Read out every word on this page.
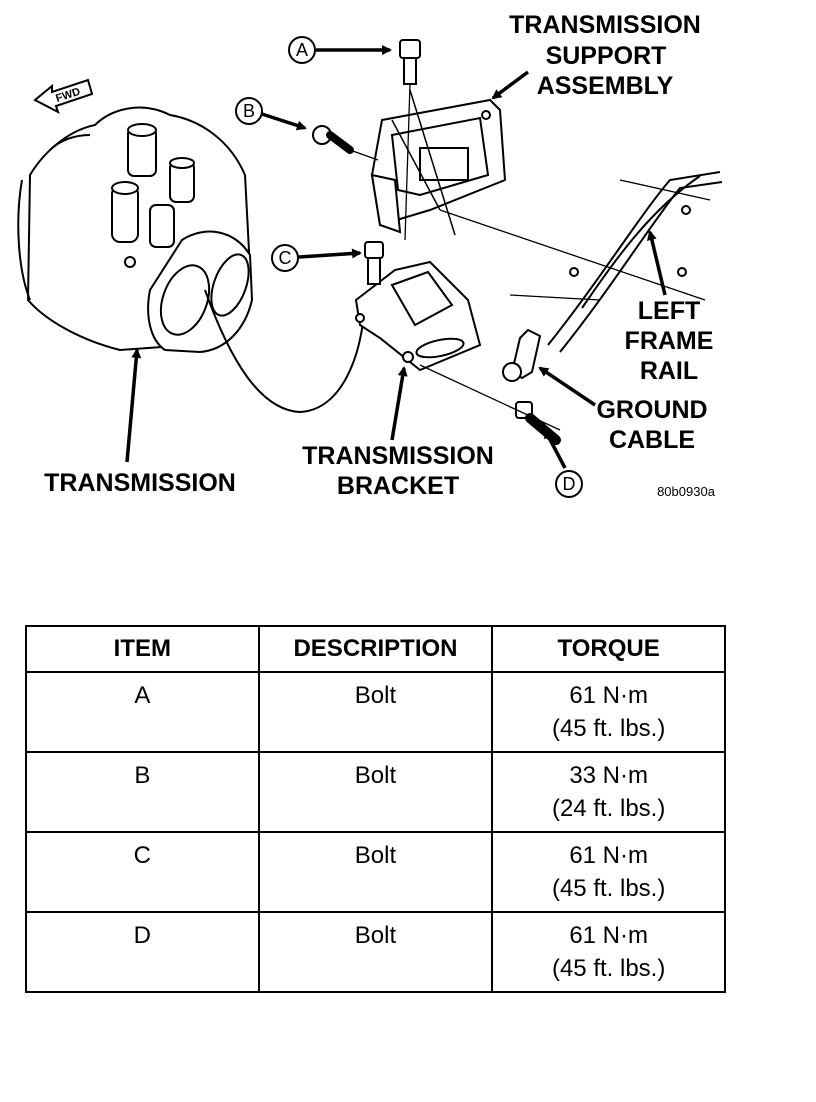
FWD
A
B
C
D
TRANSMISSION
SUPPORT
ASSEMBLY
LEFT
FRAME
RAIL
GROUND
CABLE
TRANSMISSION
TRANSMISSION
BRACKET	80b0930a
ITEM	DESCRIPTION	TORQUE
A	Bolt	61 N·m
(45 ft. lbs.)

B	Bolt	33 N·m
(24 ft. lbs.)

C	Bolt	61 N·m
(45 ft. lbs.)

D	Bolt	61 N·m
(45 ft. lbs.)
